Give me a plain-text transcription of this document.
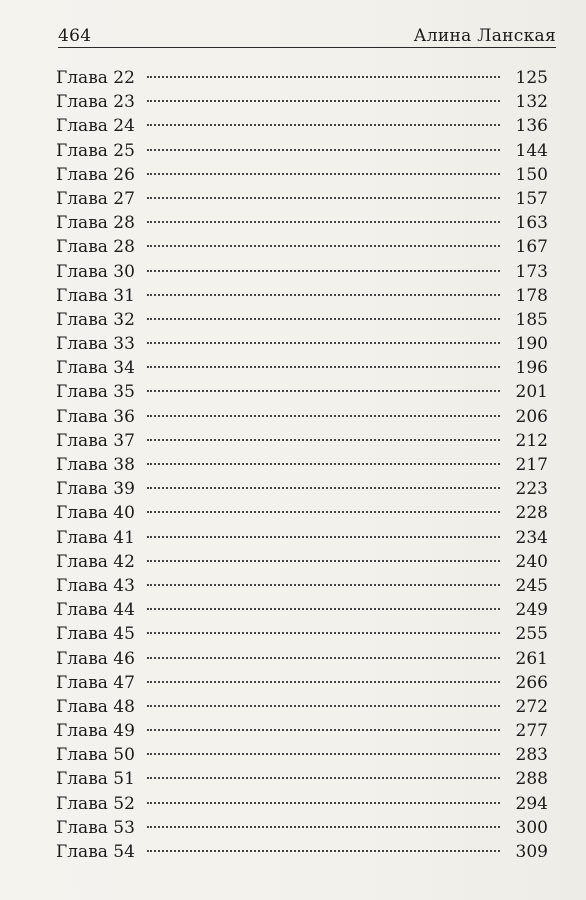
464	Алина Ланская
Глава 22	125
Глава 23	132
Глава 24	136
Глава 25	144
Глава 26	150
Глава 27	157
Глава 28	163
Глава 28	167
Глава 30	173
Глава 31	178
Глава 32	185
Глава 33	190
Глава 34	196
Глава 35	201
Глава 36	206
Глава 37	212
Глава 38	217
Глава 39	223
Глава 40	228
Глава 41	234
Глава 42	240
Глава 43	245
Глава 44	249
Глава 45	255
Глава 46	261
Глава 47	266
Глава 48	272
Глава 49	277
Глава 50	283
Глава 51	288
Глава 52	294
Глава 53	300
Глава 54	309
